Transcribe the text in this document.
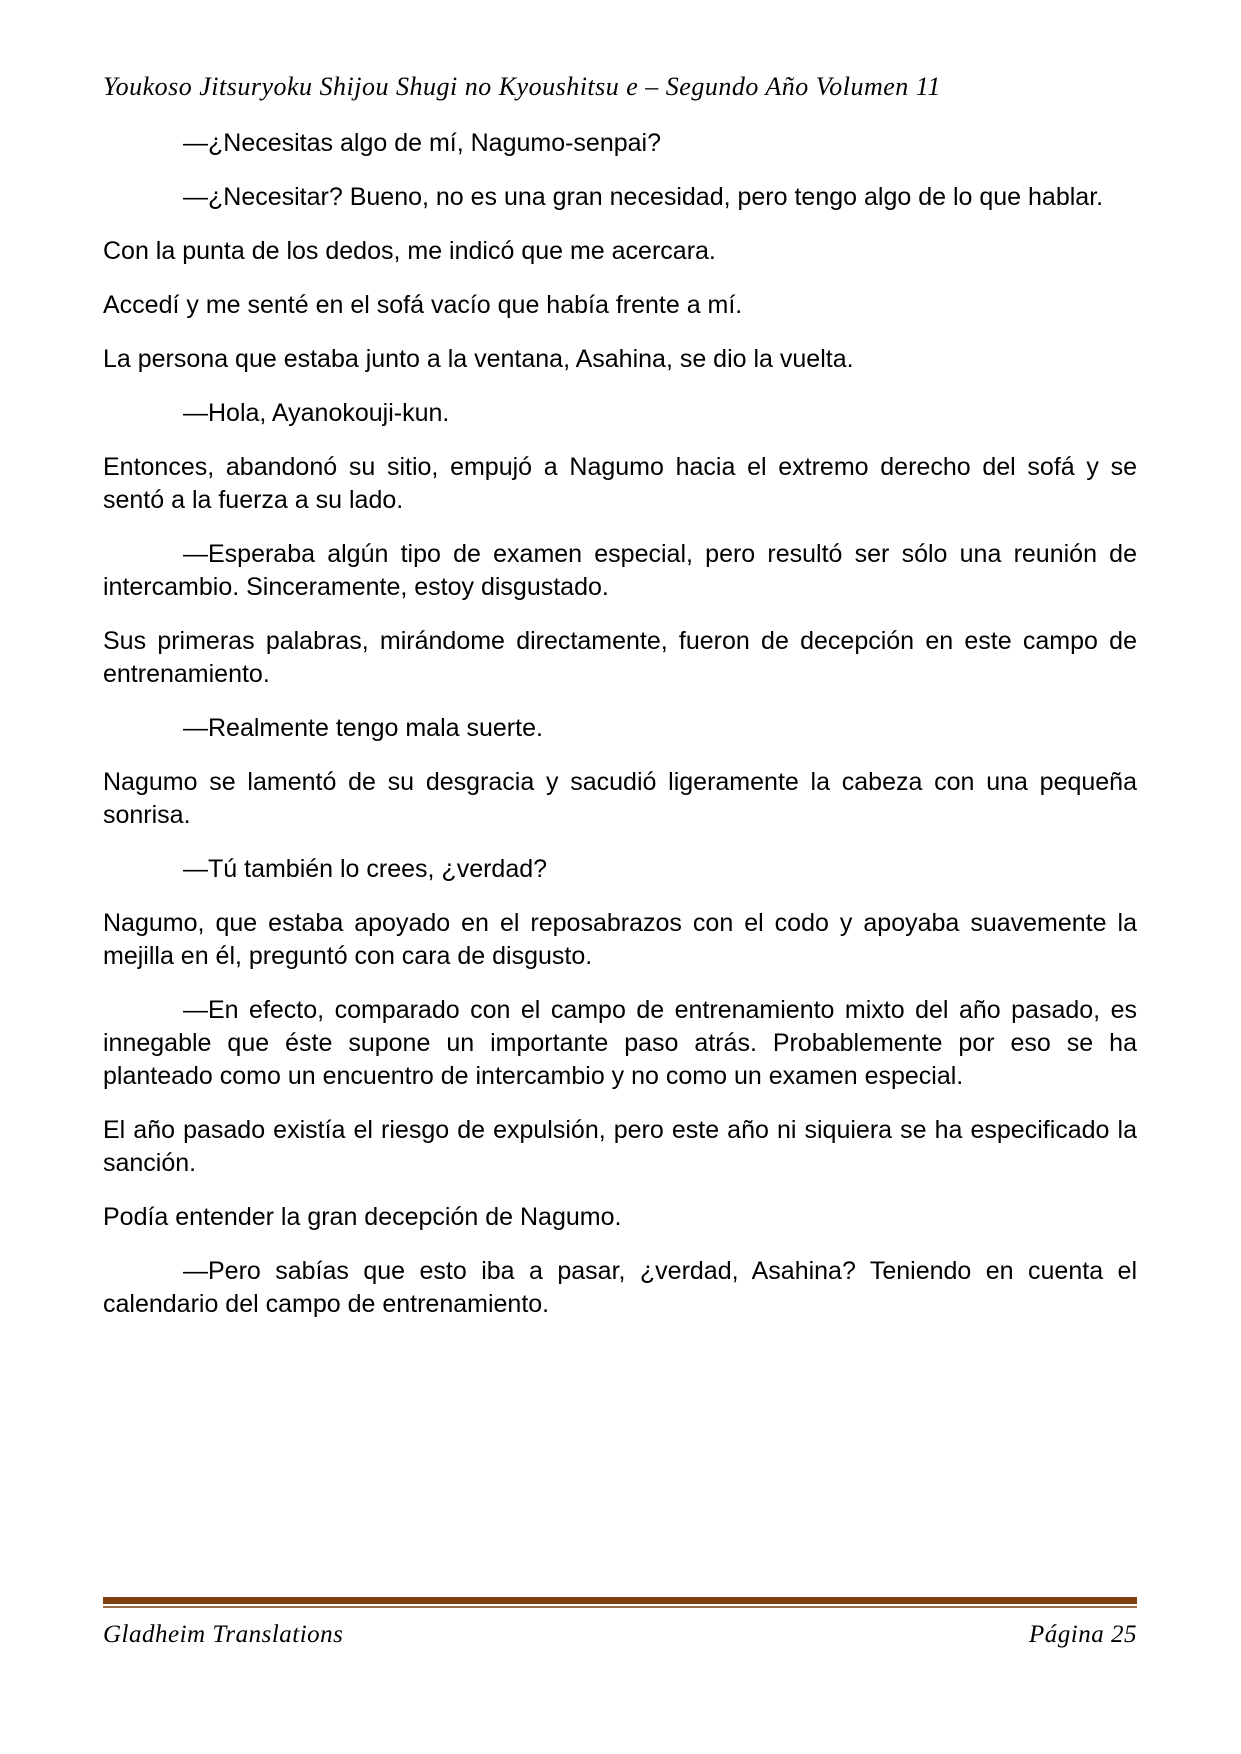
Youkoso Jitsuryoku Shijou Shugi no Kyoushitsu e – Segundo Año Volumen 11

—¿Necesitas algo de mí, Nagumo-senpai?

—¿Necesitar? Bueno, no es una gran necesidad, pero tengo algo de lo que hablar.

Con la punta de los dedos, me indicó que me acercara.

Accedí y me senté en el sofá vacío que había frente a mí.

La persona que estaba junto a la ventana, Asahina, se dio la vuelta.

—Hola, Ayanokouji-kun.

Entonces, abandonó su sitio, empujó a Nagumo hacia el extremo derecho del sofá y se sentó a la fuerza a su lado.

—Esperaba algún tipo de examen especial, pero resultó ser sólo una reunión de intercambio. Sinceramente, estoy disgustado.

Sus primeras palabras, mirándome directamente, fueron de decepción en este campo de entrenamiento.

—Realmente tengo mala suerte.

Nagumo se lamentó de su desgracia y sacudió ligeramente la cabeza con una pequeña sonrisa.

—Tú también lo crees, ¿verdad?

Nagumo, que estaba apoyado en el reposabrazos con el codo y apoyaba suavemente la mejilla en él, preguntó con cara de disgusto.

—En efecto, comparado con el campo de entrenamiento mixto del año pasado, es innegable que éste supone un importante paso atrás. Probablemente por eso se ha planteado como un encuentro de intercambio y no como un examen especial.

El año pasado existía el riesgo de expulsión, pero este año ni siquiera se ha especificado la sanción.

Podía entender la gran decepción de Nagumo.

—Pero sabías que esto iba a pasar, ¿verdad, Asahina? Teniendo en cuenta el calendario del campo de entrenamiento.

Gladheim Translations	Página 25
